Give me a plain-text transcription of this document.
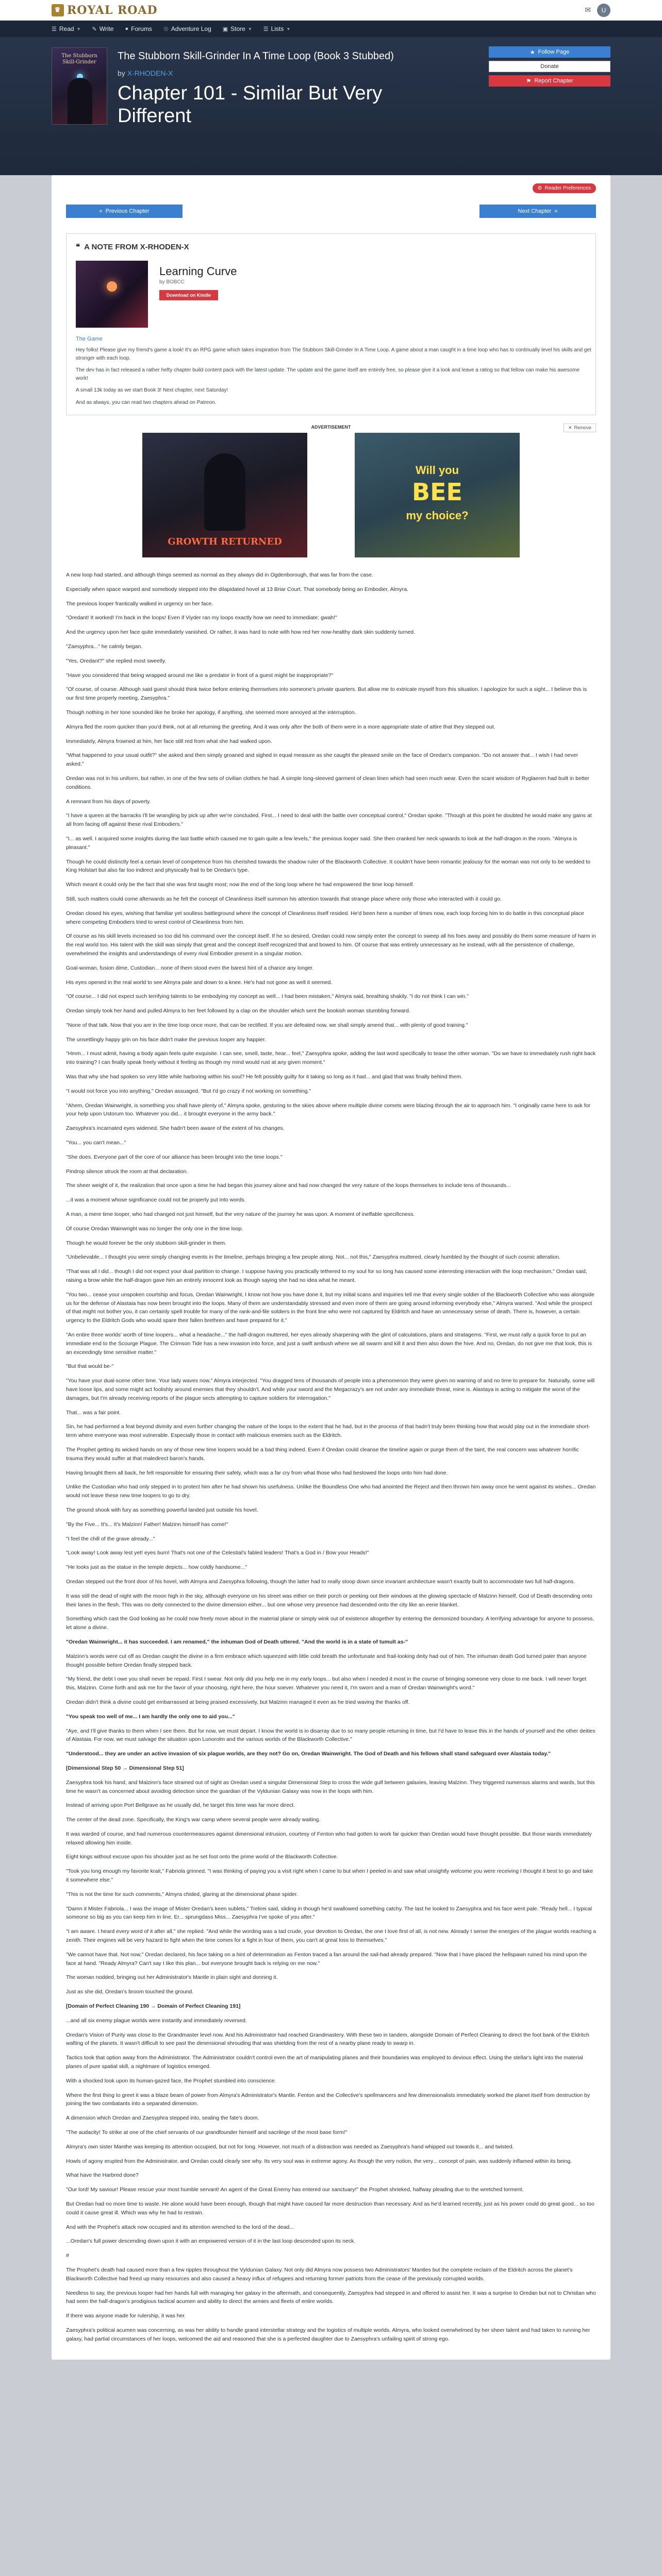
♛ ROYAL ROAD	✉	U
☰ Read ▼ ✎ Write ● Forums ☉ Adventure Log ▣ Store ▼ ☰ Lists ▼
The Stubborn Skill-Grinder
The Stubborn Skill-Grinder In A Time Loop (Book 3 Stubbed)
by X-RHODEN-X
Chapter 101 - Similar But Very Different
★ Follow Page
Donate
⚑ Report Chapter
⚙ Reader Preferences
« Previous Chapter	Next Chapter »
❝ A NOTE FROM X-RHODEN-X
Learning Curve
by BOBCC
Download on Kindle
The Game

Hey folks! Please give my friend's game a look! It's an RPG game which takes inspiration from The Stubborn Skill-Grinder In A Time Loop. A game about a man caught in a time loop who has to continually level his skills and get stronger with each loop.

The dev has in fact released a rather hefty chapter build content pack with the latest update. The update and the game itself are entirely free, so please give it a look and leave a rating so that fellow can make his awesome work!

A small 13k today as we start Book 3! Next chapter, next Saturday!

And as always, you can read two chapters ahead on Patreon.

ADVERTISEMENT	✕ Remove
GROWTH RETURNED
Will you
BEE
my choice?

A new loop had started, and although things seemed as normal as they always did in Ogdenborough, that was far from the case.

Especially when space warped and somebody stepped into the dilapidated hovel at 13 Briar Court. That somebody being an Embodier, Almyra.

The previous looper frantically walked in urgency on her face.

"Oredant! It worked! I'm back in the loops! Even if Viyder ran my loops exactly how we need to immediate: gwah!"

And the urgency upon her face quite immediately vanished. Or rather, it was hard to note with how red her now-healthy dark skin suddenly turned.

"Zaesyphra..." he calmly began.

"Yes, Oredant?" she replied most sweetly.

"Have you considered that being wrapped around me like a predator in front of a guest might be inappropriate?"

"Of course, of course. Although said guest should think twice before entering themselves into someone's private quarters. But allow me to extricate myself from this situation. I apologize for such a sight... I believe this is our first time properly meeting, Zaesyphra."

Though nothing in her tone sounded like he broke her apology, if anything, she seemed more annoyed at the interruption.

Almyra fled the room quicker than you'd think, not at all returning the greeting. And it was only after the both of them were in a more appropriate state of attire that they stepped out.

Immediately, Almyra frowned at him, her face still red from what she had walked upon.

"What happened to your usual outfit?" she asked and then simply groaned and sighed in equal measure as she caught the pleased smile on the face of Oredan's companion. "Do not answer that... I wish I had never asked."

Oredan was not in his uniform, but rather, in one of the few sets of civilian clothes he had. A simple long-sleeved garment of clean linen which had seen much wear. Even the scant wisdom of Ryglaeren had built in better conditions.

A remnant from his days of poverty.

"I have a queen at the barracks I'll be wrangling by pick up after we're concluded. First... I need to deal with the battle over conceptual control," Oredan spoke. "Though at this point he doubted he would make any gains at all from facing off against these rival Embodiers."

"I... as well. I acquired some insights during the last battle which caused me to gain quite a few levels," the previous looper said. She then cranked her neck upwards to look at the half-dragon in the room. "Almyra is pleasant."

Though he could distinctly feel a certain level of competence from his cherished towards the shadow ruler of the Blackworth Collective. It couldn't have been romantic jealousy for the woman was not only to be wedded to King Holstart but also far too indirect and physically frail to be Oredan's type.

Which meant it could only be the fact that she was first taught most; now the end of the long loop where he had empowered the time loop himself.

Still, such matters could come afterwards as he felt the concept of Cleanliness itself summon his attention towards that strange place where only those who interacted with it could go.

Oredan closed his eyes, wishing that familiar yet soulless battleground where the concept of Cleanliness itself resided. He'd been here a number of times now, each loop forcing him to do battle in this conceptual place where competing Embodiers tried to wrest control of Cleanliness from him.

Of course as his skill levels increased so too did his command over the concept itself. If he so desired, Oredan could now simply enter the concept to sweep all his foes away and possibly do them some measure of harm in the real world too. His talent with the skill was simply that great and the concept itself recognized that and bowed to him. Of course that was entirely unnecessary as he instead, with all the persistence of challenge, overwhelmed the insights and understandings of every rival Embodier present in a singular motion.

Goal-woman, fusion dime, Custodian... none of them stood even the barest hint of a chance any longer.

His eyes opened in the real world to see Almyra pale and down to a knee. He's had not gone as well it seemed.

"Of course... I did not expect such terrifying talents to be embodying my concept as well... I had been mistaken," Almyra said, breathing shakily. "I do not think I can win."

Oredan simply took her hand and pulled Almyra to her feet followed by a clap on the shoulder which sent the bookish woman stumbling forward.

"None of that talk. Now that you are in the time loop once more, that can be rectified. If you are defeated now, we shall simply amend that... with plenty of good training."

The unsettlingly happy grin on his face didn't make the previous looper any happier.

"Hmm... I must admit, having a body again feels quite exquisite. I can see, smell, taste, hear... feel," Zaesyphra spoke, adding the last word specifically to tease the other woman. "Do we have to immediately rush right back into training? I can finally speak freely without it feeling as though my mind would rust at any given moment."

Was that why she had spoken so very little while harboring within his soul? He felt possibly guilty for it taking so long as it had... and glad that was finally behind them.

"I would not force you into anything," Oredan assuaged. "But I'd go crazy if not working on something."

"Ahem, Oredan Wainwright, is something you shall have plenty of," Almyra spoke, gesturing to the skies above where multiple divine comets were blazing through the air to approach him. "I originally came here to ask for your help upon Ustorum too. Whatever you did... it brought everyone in the army back."

Zaesyphra's incarnated eyes widened. She hadn't been aware of the extent of his changes.

"You... you can't mean..."

"She does. Everyone part of the core of our alliance has been brought into the time loops."

Pindrop silence struck the room at that declaration.

The sheer weight of it, the realization that once upon a time he had began this journey alone and had now changed the very nature of the loops themselves to include tens of thousands...

...it was a moment whose significance could not be properly put into words.

A man, a mere time looper, who had changed not just himself, but the very nature of the journey he was upon. A moment of ineffable specificness.

Of course Oredan Wainwright was no longer the only one in the time loop.

Though he would forever be the only stubborn skill-grinder in them.

"Unbelievable... I thought you were simply changing events in the timeline, perhaps bringing a few people along. Not... not this," Zaesyphra muttered, clearly humbled by the thought of such cosmic alteration.

"That was all I did... though I did not expect your dual partition to change. I suppose having you practically tethered to my soul for so long has caused some interesting interaction with the loop mechanism," Oredan said, raising a brow while the half-dragon gave him an entirely innocent look as though saying she had no idea what he meant.

"You two... cease your unspoken courtship and focus, Oredan Wainwright, I know not how you have done it, but my initial scans and inquiries tell me that every single soldier of the Blackworth Collective who was alongside us for the defense of Alastaia has now been brought into the loops. Many of them are understandably stressed and even more of them are going around informing everybody else," Almyra warned. "And while the prospect of that might not bother you, it can certainly spell trouble for many of the rank-and-file soldiers in the front line who were not captured by Eldritch and have an unnecessary sense of death. There is, however, a certain urgency to the Eldritch Gods who would spare their fallen brethren and have prepared for it."

"An entire three worlds' worth of time loopers... what a headache..." the half-dragon muttered, her eyes already sharpening with the glint of calculations, plans and stratagems. "First, we must rally a quick force to put an immediate end to the Scourge Plague. The Crimson Tide has a new invasion into force, and just a swift ambush where we all swarm and kill it and then also down the hive. And no, Oredan, do not give me that look, this is an exceedingly time sensitive matter."

"But that would be-"

"You have your dual-scene other time. Your lady waves now," Almyra interjected. "You dragged tens of thousands of people into a phenomenon they were given no warning of and no time to prepare for. Naturally, some will have loose lips, and some might act foolishly around enemies that they shouldn't. And while your sword and the Megacrazy's are not under any immediate threat, mine is. Alastaya is acting to mitigate the worst of the damages, but I'm already receiving reports of the plague sects attempting to capture soldiers for interrogation."

That... was a fair point.

Sin, he had performed a feat beyond divinity and even further changing the nature of the loops to the extent that he had, but in the process of that hadn't truly been thinking how that would play out in the immediate short-term where everyone was most vulnerable. Especially those in contact with malicious enemies such as the Eldritch.

The Prophet getting its wicked hands on any of those new time loopers would be a bad thing indeed. Even if Oredan could cleanse the timeline again or purge them of the taint, the real concern was whatever horrific trauma they would suffer at that maledirect baron's hands.

Having brought them all back, he felt responsible for ensuring their safety, which was a far cry from what those who had bestowed the loops onto him had done.

Unlike the Custodian who had only stepped in to protect him after he had shown his usefulness. Unlike the Boundless One who had anointed the Reject and then thrown him away once he went against its wishes... Oredan would not leave these new time loopers to go to dry.

The ground shook with fury as something powerful landed just outside his hovel.

"By the Five... It's... It's Malzinn! Father! Malzinn himself has come!"

"I feel the chill of the grave already..."

"Look away! Look away lest yet! eyes burn! That's not one of the Celestial's fabled leaders! That's a God in / Bow your Heads!"

"He looks just as the statue in the temple depicts... how coldly handsome..."

Oredan stepped out the front door of his hovel, with Almyra and Zaesyphra following, though the latter had to really stoop down since invariant architecture wasn't exactly built to accommodate two full half-dragons.

It was still the dead of night with the moon high in the sky, although everyone on his street was either on their porch or peeking out their windows at the glowing spectacle of Malzinn himself, God of Death descending onto their lanes in the flesh. This was no deity connected to the divine dimension either... but one whose very presence had descended onto the city like an eerie blanket.

Something which cast the God looking as he could now freely move about in the material plane or simply wink out of existence altogether by entering the demonized boundary. A terrifying advantage for anyone to possess, let alone a divine.

"Oredan Wainwright... it has succeeded. I am renamed," the inhuman God of Death uttered. "And the world is in a state of tumult as-"

Malzinn's words were cut off as Oredan caught the divine in a firm embrace which squeezed with little cold breath the unfortunate and frail-looking deity had out of him. The inhuman death God turned paler than anyone thought possible before Oredan finally stepped back.

"My friend, the debt I owe you shall never be repaid. First I swear. Not only did you help me in my early loops... but also when I needed it most in the course of bringing someone very close to me back. I will never forget this, Malzinn. Come forth and ask me for the favor of your choosing, right here, the hour soever. Whatever you need it, I'm sworn and a man of Oredan Wainwright's word."

Oredan didn't think a divine could get embarrassed at being praised excessively, but Malzinn managed it even as he tried waving the thanks off.

"You speak too well of me... I am hardly the only one to aid you..."

"Aye, and I'll give thanks to them when I see them. But for now, we must depart. I know the world is in disarray due to so many people returning in time, but I'd have to leave this in the hands of yourself and the other deities of Alastaia. For now, we must salvage the situation upon Lunorolm and the various worlds of the Blackworth Collective."

"Understood... they are under an active invasion of six plague worlds, are they not? Go on, Oredan Wainwright. The God of Death and his fellows shall stand safeguard over Alastaia today."

[Dimensional Step 50 → Dimensional Step 51]

Zaesyphra took his hand, and Malzinn's face strained out of sight as Oredan used a singular Dimensional Step to cross the wide gulf between galaxies, leaving Malzinn. They triggered numerous alarms and wards, but this time he wasn't as concerned about avoiding detection since the guardian of the Vyldunian Galaxy was now in the loops with him.

Instead of arriving upon Port Bellgrave as he usually did, he target this time was far more direct.

The center of the dead zone. Specifically, the King's war camp where several people were already waiting.

It was warded of course, and had numerous countermeasures against dimensional intrusion, courtesy of Fenton who had gotten to work far quicker than Oredan would have thought possible. But those wards immediately relaxed allowing him inside.

Eight kings without excuse upon his shoulder just as he set foot onto the prime world of the Blackworth Collective.

"Took you long enough my favorite krait," Fabriola grinned. "I was thinking of paying you a visit right when I came to but when I peeled in and saw what unsightly welcome you were receiving I thought it best to go and take it somewhere else."

"This is not the time for such comments," Almyra chided, glaring at the dimensional phase spider.

"Damn it Mister Fabriola... I was the image of Mister Oredan's keen sublets," Trelirei said, sliding in though he'd swallowed something catchy. The last he looked to Zaesyphra and his face went pale. "Ready hell... I typical someone so big as you can keep him in line. Er... sprungdass Miss... Zaesyphra I've spoke of you after."

"I am aware. I heard every word of it after all," she replied. "And while the wording was a tad crude, your devotion to Oredan, the one I love first of all, is not new. Already I sense the energies of the plague worlds reaching a zenith. Their engines will be very hazard to fight when the time comes for a fight in four of them, you can't at great loss to themselves."

"We cannot have that. Not now," Oredan declared, his face taking on a hint of determination as Fenton traced a fan around the sail-had already prepared. "Now that I have placed the hellspawn ruined his mind upon the face at hand. "Ready Almyra? Can't say I like this plan... but everyone brought back is relying on me now."

The woman nodded, bringing out her Administrator's Mantle in plain sight and donning it.

Just as she did, Oredan's broom touched the ground.

[Domain of Perfect Cleaning 190 → Domain of Perfect Cleaning 191]

...and all six enemy plague worlds were instantly and immediately reversed.

Oredan's Vision of Purity was close to the Grandmaster level now. And his Administrator had reached Grandmastery. With these two in tandem, alongside Domain of Perfect Cleaning to direct the foot bank of the Eldritch wafting of the planets. It wasn't difficult to see past the dimensional shrouding that was shielding from the rest of a nearby plane ready to swarp in.

Tactics took that option away from the Administrator. The Administrator couldn't control even the art of manipulating planes and their boundaries was employed to devious effect. Using the stellar's light into the material planes of pure spatial skill, a nightmare of logistics emerged.

With a shocked look upon its human-gazed face, the Prophet stumbled into conscience.

Where the first thing to greet it was a blaze beam of power from Almyra's Administrator's Mantle. Fenton and the Collective's spellmancers and few dimensionalists immediately worked the planet itself from destruction by joining the two combatants into a separated dimension.

A dimension which Oredan and Zaesyphra stepped into, sealing the fate's doom.

"The audacity! To strike at one of the chief servants of our grandfounder himself and sacrilege of the most base form!"

Almyra's own sister Manthe was keeping its attention occupied, but not for long. However, not much of a distraction was needed as Zaesyphra's hand whipped out towards it... and twisted.

Howls of agony erupted from the Administrator, and Oredan could clearly see why. Its very soul was in extreme agony. As though the very notion, the very... concept of pain, was suddenly inflamed within its being.

What have the Harbred done?

"Our lord! My saviour! Please rescue your most humble servant! An agent of the Great Enemy has entered our sanctuary!" the Prophet shrieked, halfway pleading due to the wretched torment.

But Oredan had no more time to waste. He alone would have been enough, though that might have caused far more destruction than necessary. And as he'd learned recently, just as his power could do great good... so too could it cause great ill. Which was why he had to restrain.

And with the Prophet's attack now occupied and its attention wrenched to the lord of the dead...

...Oredan's full power descending down upon it with an empowered version of it in the last loop descended upon its neck.

#

The Prophet's death had caused more than a few ripples throughout the Vyldunian Galaxy. Not only did Almyra now possess two Administrators' Mantles but the complete reclaim of the Eldritch across the planet's Blackworth Collective had freed up many resources and also caused a heavy influx of refugees and returning former patriots from the cease of the previously corrupted worlds.

Needless to say, the previous looper had her hands full with managing her galaxy in the aftermath, and consequently, Zaesyphra had stepped in and offered to assist her. It was a surprise to Oredan but not to Christian who had seen the half-dragon's prodigious tactical acumen and ability to direct the armies and fleets of entire worlds.

If there was anyone made for rulership, it was her.

Zaesyphra's political acumen was concerning, as was her ability to handle grand interstellar strategy and the logistics of multiple worlds. Almyra, who looked overwhelmed by her sheer talent and had taken to running her galaxy, had partial circumstances of her loops, welcomed the aid and reasoned that she is a perfected daughter due to Zaesyphra's unfailing spirit of strong ego.
